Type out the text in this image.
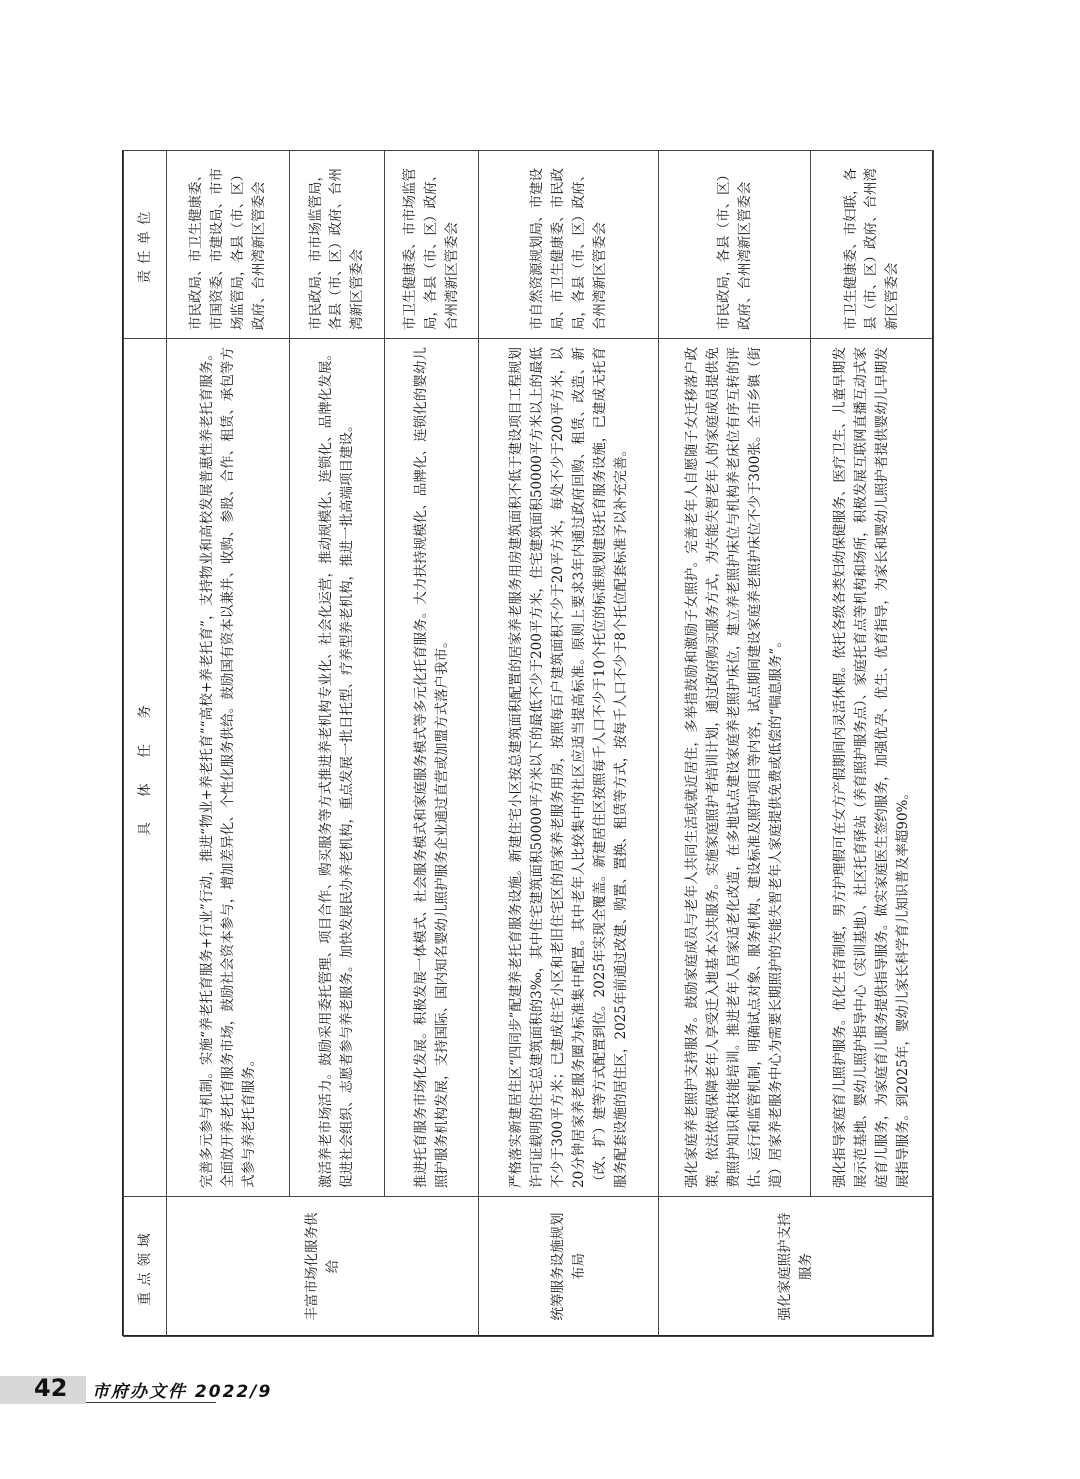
重点领域	具　体　任　务	责任单位
丰富市场化服务供给	完善多元参与机制。实施“养老托育服务+行业”行动，推进“物业+养老托育”“高校+养老托育”，支持物业和高校发展普惠性养老托育服务。全面放开养老托育服务市场，鼓励社会资本参与，增加差异化、个性化服务供给。鼓励国有资本以兼并、收购、参股、合作、租赁、承包等方式参与养老托育服务。	市民政局、市卫生健康委、市国资委、市建设局、市市场监管局，各县（市、区）政府、台州湾新区管委会
	激活养老市场活力。鼓励采用委托管理、项目合作、购买服务等方式推进养老机构专业化、社会化运营，推动规模化、连锁化、品牌化发展。促进社会组织、志愿者参与养老服务。加快发展民办养老机构，重点发展一批日托型、疗养型养老机构，推进一批高端项目建设。	市民政局、市市场监管局，各县（市、区）政府、台州湾新区管委会
	推进托育服务市场化发展。积极发展一体模式、社会服务模式和家庭服务模式等多元化托育服务。大力扶持规模化、品牌化、连锁化的婴幼儿照护服务机构发展，支持国际、国内知名婴幼儿照护服务企业通过直营或加盟方式落户我市。	市卫生健康委、市市场监管局，各县（市、区）政府、台州湾新区管委会
统筹服务设施规划布局	严格落实新建居住区“四同步”配建养老托育服务设施。新建住宅小区按总建筑面积配置的居家养老服务用房建筑面积不低于建设项目工程规划许可证载明的住宅总建筑面积的3‰，其中住宅建筑面积50000平方米以下的最低不少于200平方米，住宅建筑面积50000平方米以上的最低不少于300平方米；已建成住宅小区和老旧住宅区的居家养老服务用房，按照每百户建筑面积不少于20平方米，每处不少于200平方米，以20分钟居家养老服务圈为标准集中配置。其中老年人比较集中的社区应适当提高标准。原则上要求3年内通过政府回购、租赁、改造、新（改、扩）建等方式配置到位。2025年实现全覆盖。新建居住区按照每千人口不少于10个托位的标准规划建设托育服务设施，已建成无托育服务配套设施的居住区，2025年前通过改建、购置、置换、租赁等方式，按每千人口不少于8个托位配套标准予以补充完善。	市自然资源规划局、市建设局、市卫生健康委、市民政局，各县（市、区）政府、台州湾新区管委会
强化家庭照护支持服务	强化家庭养老照护支持服务。鼓励家庭成员与老年人共同生活或就近居住，多举措鼓励和激励子女照护。完善老年人自愿随子女迁移落户政策，依法依规保障老年人享受迁入地基本公共服务。实施家庭照护者培训计划，通过政府购买服务方式，为失能失智老年人的家庭成员提供免费照护知识和技能培训。推进老年人居家适老化改造，在多地试点建设家庭养老照护床位，建立养老照护床位与机构养老床位有序互转的评估、运行和监管机制，明确试点对象、服务机构、建设标准及照护项目等内容，试点期间建设家庭养老照护床位不少于300张。全市乡镇（街道）居家养老服务中心为需要长期照护的失能失智老年人家庭提供免费或低偿的“喘息服务”。	市民政局，各县（市、区）政府、台州湾新区管委会
	强化指导家庭育儿照护服务。优化生育制度，男方护理假可在女方产假期间内灵活休假。依托各级各类妇幼保健服务、医疗卫生、儿童早期发展示范基地、婴幼儿照护指导中心（实训基地）、社区托育驿站（养育照护服务点）、家庭托育点等机构和场所，积极发展互联网直播互动式家庭育儿服务，为家庭育儿服务提供指导服务。做实家庭医生签约服务，加强优孕、优生、优育指导，为家长和婴幼儿照护者提供婴幼儿早期发展指导服务。到2025年，婴幼儿家长科学育儿知识普及率超90%。	市卫生健康委、市妇联，各县（市、区）政府、台州湾新区管委会
42 市府办文件 2022/9
